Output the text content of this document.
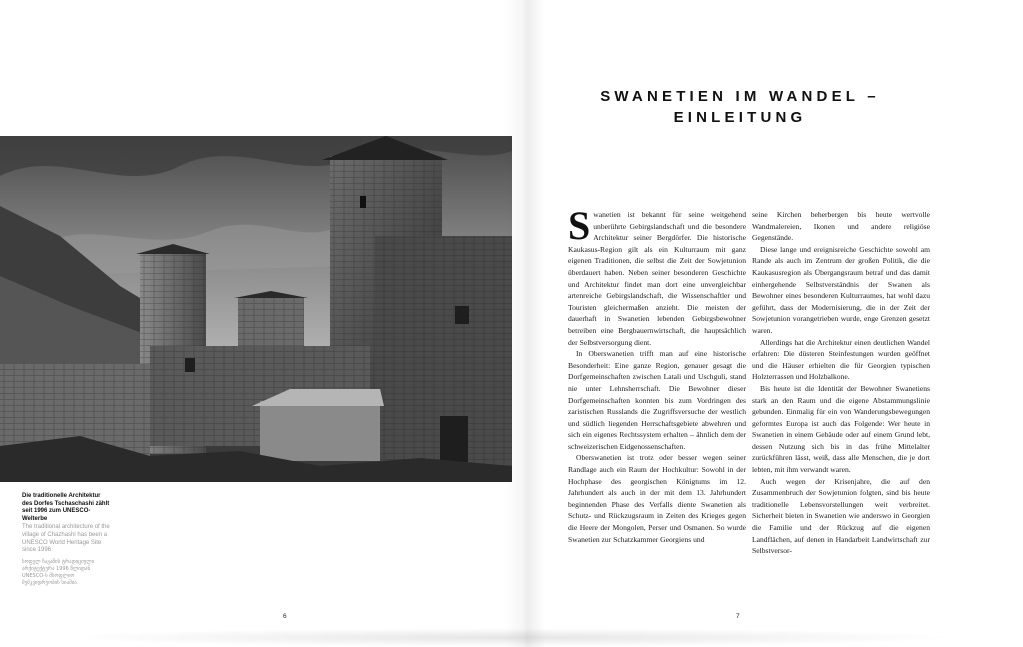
Die traditionelle Architektur des Dorfes Tschaschashi zählt seit 1996 zum UNESCO-Welterbe
The traditional architecture of the village of Chazhashi has been a UNESCO World Heritage Site since 1996
სოფელ ჩაჟაშის ტრადიციული არქიტექტურა 1996 წლიდან UNESCO-ს მსოფლიო მემკვიდრეობის სიაშია
6
SWANETIEN IM WANDEL – EINLEITUNG

Swanetien ist bekannt für seine weitgehend unberührte Gebirgslandschaft und die besondere Architektur seiner Bergdörfer. Die historische Kaukasus-Region gilt als ein Kulturraum mit ganz eigenen Traditionen, die selbst die Zeit der Sowjetunion überdauert haben. Neben seiner besonderen Geschichte und Architektur findet man dort eine unvergleichbar artenreiche Gebirgslandschaft, die Wissenschaftler und Touristen gleichermaßen anzieht. Die meisten der dauerhaft in Swanetien lebenden Gebirgsbewohner betreiben eine Bergbauernwirtschaft, die hauptsächlich der Selbstversorgung dient.

In Oberswanetien trifft man auf eine historische Besonderheit: Eine ganze Region, genauer gesagt die Dorfgemeinschaften zwischen Latali und Uschguli, stand nie unter Lehnsherrschaft. Die Bewohner dieser Dorfgemeinschaften konnten bis zum Vordringen des zaristischen Russlands die Zugriffsversuche der westlich und südlich liegenden Herrschaftsgebiete abwehren und sich ein eigenes Rechtssystem erhalten – ähnlich dem der schweizerischen Eidgenossenschaften.

Oberswanetien ist trotz oder besser wegen seiner Randlage auch ein Raum der Hochkultur: Sowohl in der Hochphase des georgischen Königtums im 12. Jahrhundert als auch in der mit dem 13. Jahrhundert beginnenden Phase des Verfalls diente Swanetien als Schutz- und Rückzugsraum in Zeiten des Krieges gegen die Heere der Mongolen, Perser und Osmanen. So wurde Swanetien zur Schatzkammer Georgiens und

seine Kirchen beherbergen bis heute wertvolle Wandmalereien, Ikonen und andere religiöse Gegenstände.

Diese lange und ereignisreiche Geschichte sowohl am Rande als auch im Zentrum der großen Politik, die die Kaukasusregion als Übergangsraum betraf und das damit einhergehende Selbstverständnis der Swanen als Bewohner eines besonderen Kulturraumes, hat wohl dazu geführt, dass der Modernisierung, die in der Zeit der Sowjetunion vorangetrieben wurde, enge Grenzen gesetzt waren.

Allerdings hat die Architektur einen deutlichen Wandel erfahren: Die düsteren Steinfestungen wurden geöffnet und die Häuser erhielten die für Georgien typischen Holzterrassen und Holzbalkone.

Bis heute ist die Identität der Bewohner Swanetiens stark an den Raum und die eigene Abstammungslinie gebunden. Einmalig für ein von Wanderungsbewegungen geformtes Europa ist auch das Folgende: Wer heute in Swanetien in einem Gebäude oder auf einem Grund lebt, dessen Nutzung sich bis in das frühe Mittelalter zurückführen lässt, weiß, dass alle Menschen, die je dort lebten, mit ihm verwandt waren.

Auch wegen der Krisenjahre, die auf den Zusammenbruch der Sowjetunion folgten, sind bis heute traditionelle Lebensvorstellungen weit verbreitet. Sicherheit bieten in Swanetien wie anderswo in Georgien die Familie und der Rückzug auf die eigenen Landflächen, auf denen in Handarbeit Landwirtschaft zur Selbstversor-

7
